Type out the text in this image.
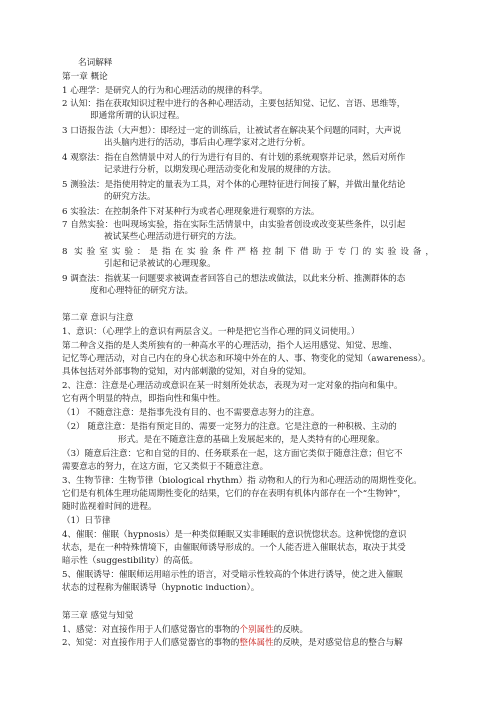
名词解释
第一章 概论
1 心理学：是研究人的行为和心理活动的规律的科学。
2 认知：指在获取知识过程中进行的各种心理活动，主要包括知觉、记忆、言语、思维等，
即通常所谓的认识过程。
3 口语报告法（大声想）：即经过一定的训练后，让被试者在解决某个问题的同时，大声说
出头脑内进行的活动，事后由心理学家对之进行分析。
4 观察法：指在自然情景中对人的行为进行有目的、有计划的系统观察并记录，然后对所作
记录进行分析，以期发现心理活动变化和发展的规律的方法。
5 测验法：是指使用特定的量表为工具，对个体的心理特征进行间接了解，并做出量化结论
的研究方法。
6 实验法：在控制条件下对某种行为或者心理现象进行观察的方法。
7 自然实验：也叫现场实验，指在实际生活情景中，由实验者创设或改变某些条件，以引起
被试某些心理活动进行研究的方法。
8 实验室实验：是指在实验条件严格控制下借助于专门的实验设备，
引起和记录被试的心理现象。
9 调查法：指就某一问题要求被调查者回答自己的想法或做法，以此来分析、推测群体的态
度和心理特征的研究方法。
第二章 意识与注意
1、意识：（心理学上的意识有两层含义。一种是把它当作心理的同义词使用。）
第二种含义指的是人类所独有的一种高水平的心理活动，指个人运用感觉、知觉、思维、
记忆等心理活动，对自己内在的身心状态和环境中外在的人、事、物变化的觉知（awareness）。
具体包括对外部事物的觉知，对内部刺激的觉知，对自身的觉知。
2、注意：注意是心理活动或意识在某一时刻所处状态，表现为对一定对象的指向和集中。
它有两个明显的特点，即指向性和集中性。
（1） 不随意注意：是指事先没有目的、也不需要意志努力的注意。
（2） 随意注意：是指有预定目的、需要一定努力的注意。它是注意的一种积极、主动的
形式。是在不随意注意的基础上发展起来的，是人类特有的心理现象。
（3）随意后注意：它和自觉的目的、任务联系在一起，这方面它类似于随意注意；但它不
需要意志的努力，在这方面，它又类似于不随意注意。
3、生物节律：生物节律（biological rhythm）指 动物和人的行为和心理活动的周期性变化。
它们是有机体生理功能周期性变化的结果，它们的存在表明有机体内部存在一个“生物钟”，
随时监视着时间的进程。
（1）日节律
4、催眠：催眠（hypnosis）是一种类似睡眠又实非睡眠的意识恍惚状态。这种恍惚的意识
状态，是在一种特殊情境下，由催眠师诱导形成的。一个人能否进入催眠状态，取决于其受
暗示性（suggestibility）的高低。
5、催眠诱导：催眠师运用暗示性的语言，对受暗示性较高的个体进行诱导，使之进入催眠
状态的过程称为催眠诱导（hypnotic induction）。
第三章 感觉与知觉
1、感觉：对直接作用于人们感觉器官的事物的个别属性的反映。
2、知觉：对直接作用于人们感觉器官的事物的整体属性的反映，是对感觉信息的整合与解
